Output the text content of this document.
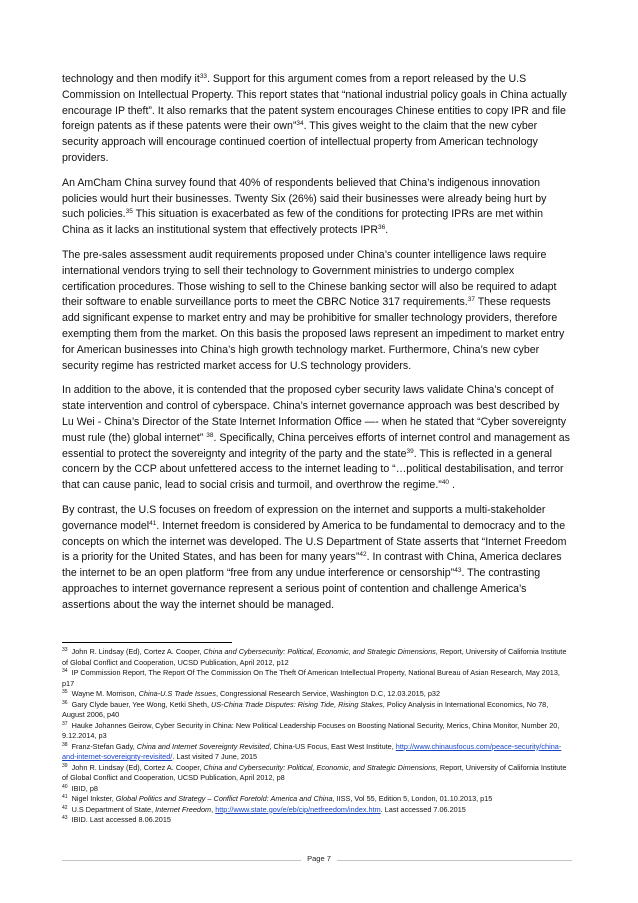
technology and then modify $it^{33}$. Support for this argument comes from a report released by the U.S Commission on Intellectual Property. This report states that “national industrial policy goals in China actually encourage IP theft”. It also remarks that the patent system encourages Chinese entities to copy IPR and file foreign patents as if these patents were their own”$^{34}$. This gives weight to the claim that the new cyber security approach will encourage continued coertion of intellectual property from American technology providers.

An AmCham China survey found that 40% of respondents believed that China’s indigenous innovation policies would hurt their businesses. Twenty Six (26%) said their businesses were already being hurt by such policies.$^{35}$ This situation is exacerbated as few of the conditions for protecting IPRs are met within China as it lacks an institutional system that effectively protects IPR$^{36}$.

The pre-sales assessment audit requirements proposed under China’s counter intelligence laws require international vendors trying to sell their technology to Government ministries to undergo complex certification procedures. Those wishing to sell to the Chinese banking sector will also be required to adapt their software to enable surveillance ports to meet the CBRC Notice 317 requirements.$^{37}$ These requests add significant expense to market entry and may be prohibitive for smaller technology providers, therefore exempting them from the market. On this basis the proposed laws represent an impediment to market entry for American businesses into China’s high growth technology market. Furthermore, China’s new cyber security regime has restricted market access for U.S technology providers.

In addition to the above, it is contended that the proposed cyber security laws validate China’s concept of state intervention and control of cyberspace. China’s internet governance approach was best described by Lu Wei - China’s Director of the State Internet Information Office —- when he stated that “Cyber sovereignty must rule (the) global internet” $^{38}$. Specifically, China perceives efforts of internet control and management as essential to protect the sovereignty and integrity of the party and the state$^{39}$. This is reflected in a general concern by the CCP about unfettered access to the internet leading to “…political destabilisation, and terror that can cause panic, lead to social crisis and turmoil, and overthrow the regime.”$^{40}$ .

By contrast, the U.S focuses on freedom of expression on the internet and supports a multi-stakeholder governance model$^{41}$. Internet freedom is considered by America to be fundamental to democracy and to the concepts on which the internet was developed. The U.S Department of State asserts that “Internet Freedom is a priority for the United States, and has been for many years”$^{42}$. In contrast with China, America declares the internet to be an open platform “free from any undue interference or censorship”$^{43}$. The contrasting approaches to internet governance represent a serious point of contention and challenge America’s assertions about the way the internet should be managed.

$^{33}$ John R. Lindsay (Ed), Cortez A. Cooper, China and Cybersecurity: Political, Economic, and Strategic Dimensions, Report, University of California Institute of Global Conflict and Cooperation, UCSD Publication, April 2012, p12
$^{34}$ IP Commission Report, The Report Of The Commission On The Theft Of American Intellectual Property, National Bureau of Asian Research, May 2013, p17
$^{35}$ Wayne M. Morrison, China-U.S Trade Issues, Congressional Research Service, Washington D.C, 12.03.2015, p32
$^{36}$ Gary Clyde bauer, Yee Wong, Ketki Sheth, US-China Trade Disputes: Rising Tide, Rising Stakes, Policy Analysis in International Economics, No 78, August 2006, p40
$^{37}$ Hauke Johannes Geirow, Cyber Security in China: New Political Leadership Focuses on Boosting National Security, Merics, China Monitor, Number 20, 9.12.2014, p3
$^{38}$ Franz-Stefan Gady, China and Internet Sovereignty Revisited, China-US Focus, East West Institute, http://www.chinausfocus.com/peace-security/china-and-internet-sovereignty-revisited/. Last visited 7 June, 2015
$^{39}$ John R. Lindsay (Ed), Cortez A. Cooper, China and Cybersecurity: Political, Economic, and Strategic Dimensions, Report, University of California Institute of Global Conflict and Cooperation, UCSD Publication, April 2012, p8
$^{40}$ IBID, p8
$^{41}$ Nigel Inkster, Global Politics and Strategy – Conflict Foretold: America and China, IISS, Vol 55, Edition 5, London, 01.10.2013, p15
$^{42}$ U.S Department of State, Internet Freedom, http://www.state.gov/e/eb/cip/netfreedom/index.htm. Last accessed 7.06.2015
$^{43}$ IBID. Last accessed 8.06.2015
Page 7
